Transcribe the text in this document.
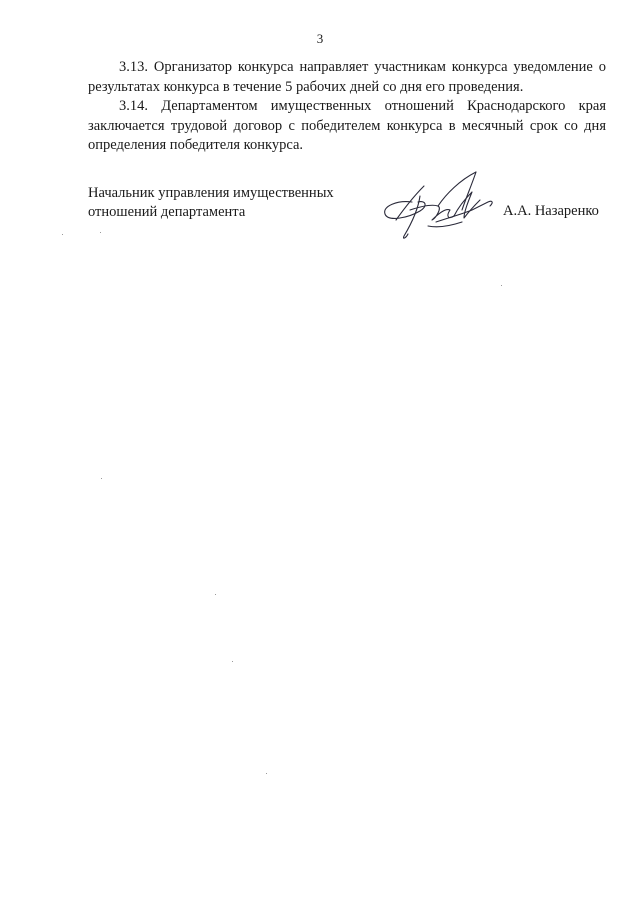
3

3.13. Организатор конкурса направляет участникам конкурса уведомление о результатах конкурса в течение 5 рабочих дней со дня его проведения.

3.14. Департаментом имущественных отношений Краснодарского края заключается трудовой договор с победителем конкурса в месячный срок со дня определения победителя конкурса.

Начальник управления имущественных
отношений департамента	А.А. Назаренко
